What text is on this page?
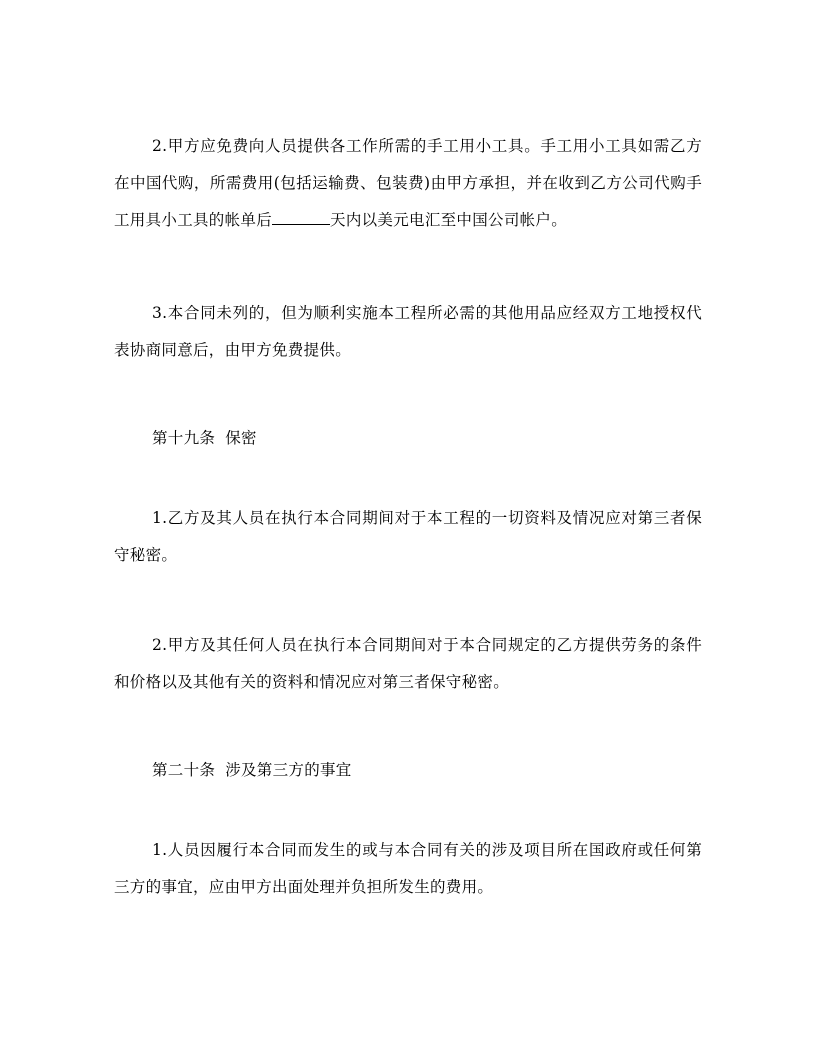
2.甲方应免费向人员提供各工作所需的手工用小工具。手工用小工具如需乙方在中国代购，所需费用(包括运输费、包装费)由甲方承担，并在收到乙方公司代购手工用具小工具的帐单后	天内以美元电汇至中国公司帐户。

3.本合同未列的，但为顺利实施本工程所必需的其他用品应经双方工地授权代表协商同意后，由甲方免费提供。

第十九条 保密

1.乙方及其人员在执行本合同期间对于本工程的一切资料及情况应对第三者保守秘密。

2.甲方及其任何人员在执行本合同期间对于本合同规定的乙方提供劳务的条件和价格以及其他有关的资料和情况应对第三者保守秘密。

第二十条 涉及第三方的事宜

1.人员因履行本合同而发生的或与本合同有关的涉及项目所在国政府或任何第三方的事宜，应由甲方出面处理并负担所发生的费用。
